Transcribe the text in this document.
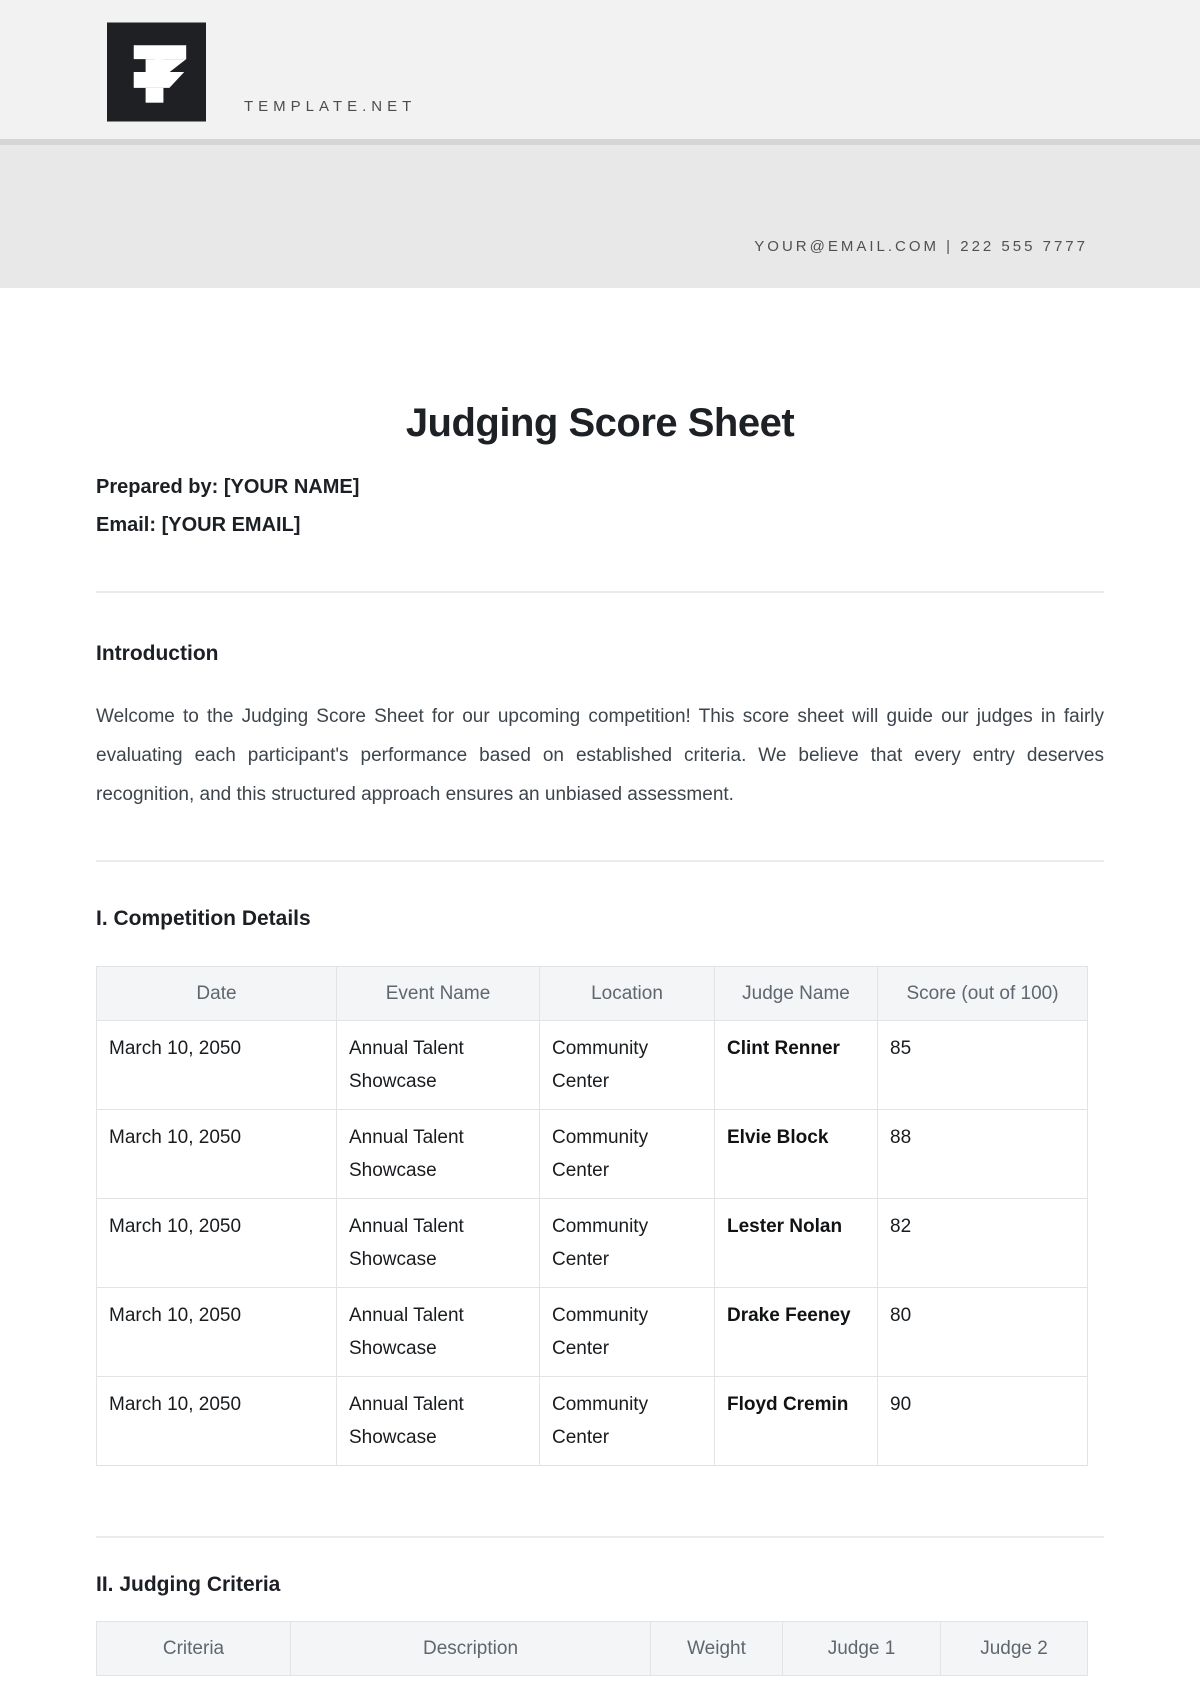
TEMPLATE.NET
YOUR@EMAIL.COM | 222 555 7777
Judging Score Sheet

Prepared by: [YOUR NAME]

Email: [YOUR EMAIL]

Introduction

Welcome to the Judging Score Sheet for our upcoming competition! This score sheet will guide our judges in fairly evaluating each participant's performance based on established criteria. We believe that every entry deserves recognition, and this structured approach ensures an unbiased assessment.

I. Competition Details
Date	Event Name	Location	Judge Name	Score (out of 100)
March 10, 2050	Annual Talent Showcase	Community Center	Clint Renner	85
March 10, 2050	Annual Talent Showcase	Community Center	Elvie Block	88
March 10, 2050	Annual Talent Showcase	Community Center	Lester Nolan	82
March 10, 2050	Annual Talent Showcase	Community Center	Drake Feeney	80
March 10, 2050	Annual Talent Showcase	Community Center	Floyd Cremin	90
II. Judging Criteria
Criteria	Description	Weight	Judge 1	Judge 2
